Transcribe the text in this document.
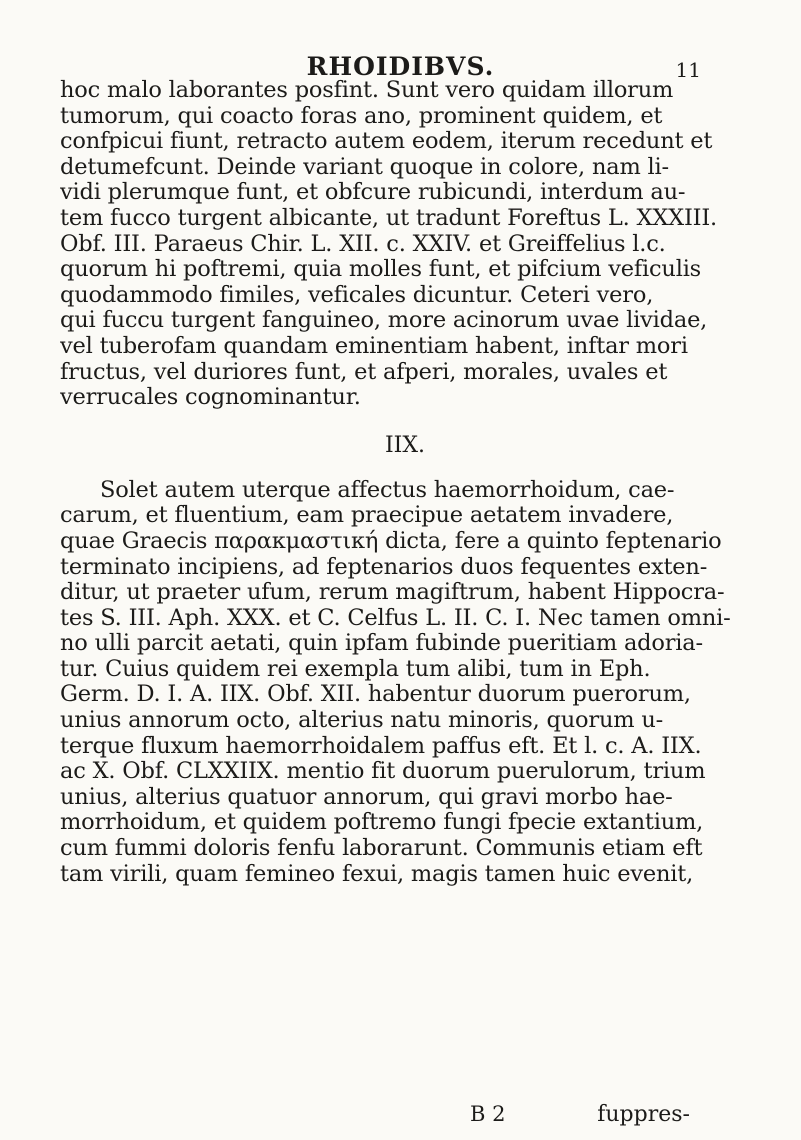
RHOIDIBVS.	11
hoc malo laborantes posfint. Sunt vero quidam illorum
tumorum, qui coacto foras ano, prominent quidem, et
confpicui fiunt, retracto autem eodem, iterum recedunt et
detumefcunt. Deinde variant quoque in colore, nam li-
vidi plerumque funt, et obfcure rubicundi, interdum au-
tem fucco turgent albicante, ut tradunt Foreftus L. XXXIII.
Obf. III. Paraeus Chir. L. XII. c. XXIV. et Greiffelius l.c.
quorum hi poftremi, quia molles funt, et pifcium veficulis
quodammodo fimiles, veficales dicuntur. Ceteri vero,
qui fuccu turgent fanguineo, more acinorum uvae lividae,
vel tuberofam quandam eminentiam habent, inftar mori
fructus, vel duriores funt, et afperi, morales, uvales et
verrucales cognominantur.
IIX.
Solet autem uterque affectus haemorrhoidum, cae-
carum, et fluentium, eam praecipue aetatem invadere,
quae Graecis παρακμαστική dicta, fere a quinto feptenario
terminato incipiens, ad feptenarios duos fequentes exten-
ditur, ut praeter ufum, rerum magiftrum, habent Hippocra-
tes S. III. Aph. XXX. et C. Celfus L. II. C. I. Nec tamen omni-
no ulli parcit aetati, quin ipfam fubinde pueritiam adoria-
tur. Cuius quidem rei exempla tum alibi, tum in Eph.
Germ. D. I. A. IIX. Obf. XII. habentur duorum puerorum,
unius annorum octo, alterius natu minoris, quorum u-
terque fluxum haemorrhoidalem paffus eft. Et l. c. A. IIX.
ac X. Obf. CLXXIIX. mentio fit duorum puerulorum, trium
unius, alterius quatuor annorum, qui gravi morbo hae-
morrhoidum, et quidem poftremo fungi fpecie extantium,
cum fummi doloris fenfu laborarunt. Communis etiam eft
tam virili, quam femineo fexui, magis tamen huic evenit,
B 2	fuppres-
